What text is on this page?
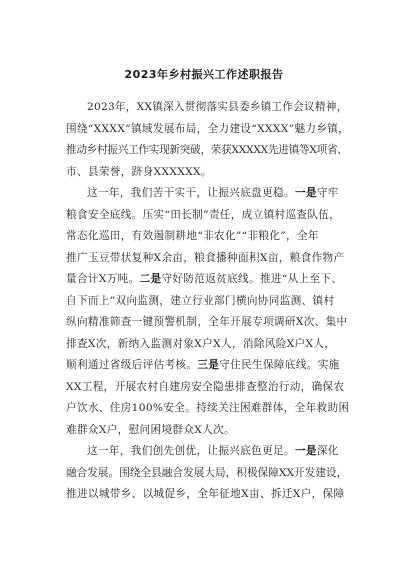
2023年乡村振兴工作述职报告

2023年，XX镇深入贯彻落实县委乡镇工作会议精神，
围绕“XXXX”镇域发展布局，全力建设“XXXX”魅力乡镇，
推动乡村振兴工作实现新突破，荣获XXXXX先进镇等X项省、
市、县荣誉，跻身XXXXXX。

这一年，我们苦干实干，让振兴底盘更稳。一是守牢
粮食安全底线。压实“田长制”责任，成立镇村巡查队伍，
常态化巡田，有效遏制耕地“非农化”“非粮化”，全年
推广玉豆带状复种X余亩，粮食播种面积X亩，粮食作物产
量合计X万吨。二是守好防范返贫底线。推进“从上至下、
自下而上”双向监测，建立行业部门横向协同监测、镇村
纵向精准筛查一键预警机制，全年开展专项调研X次、集中
排查X次，新纳入监测对象X户X人，消除风险X户X人，
顺利通过省级后评估考核。三是守住民生保障底线。实施
XX工程，开展农村自建房安全隐患排查整治行动，确保农
户饮水、住房100%安全。持续关注困难群体，全年救助困
难群众X户，慰问困境群众X人次。

这一年，我们创先创优，让振兴底色更足。一是深化
融合发展。围绕全县融合发展大局，积极保障XX开发建设，
推进以城带乡、以城促乡，全年征地X亩、拆迁X户，保障
